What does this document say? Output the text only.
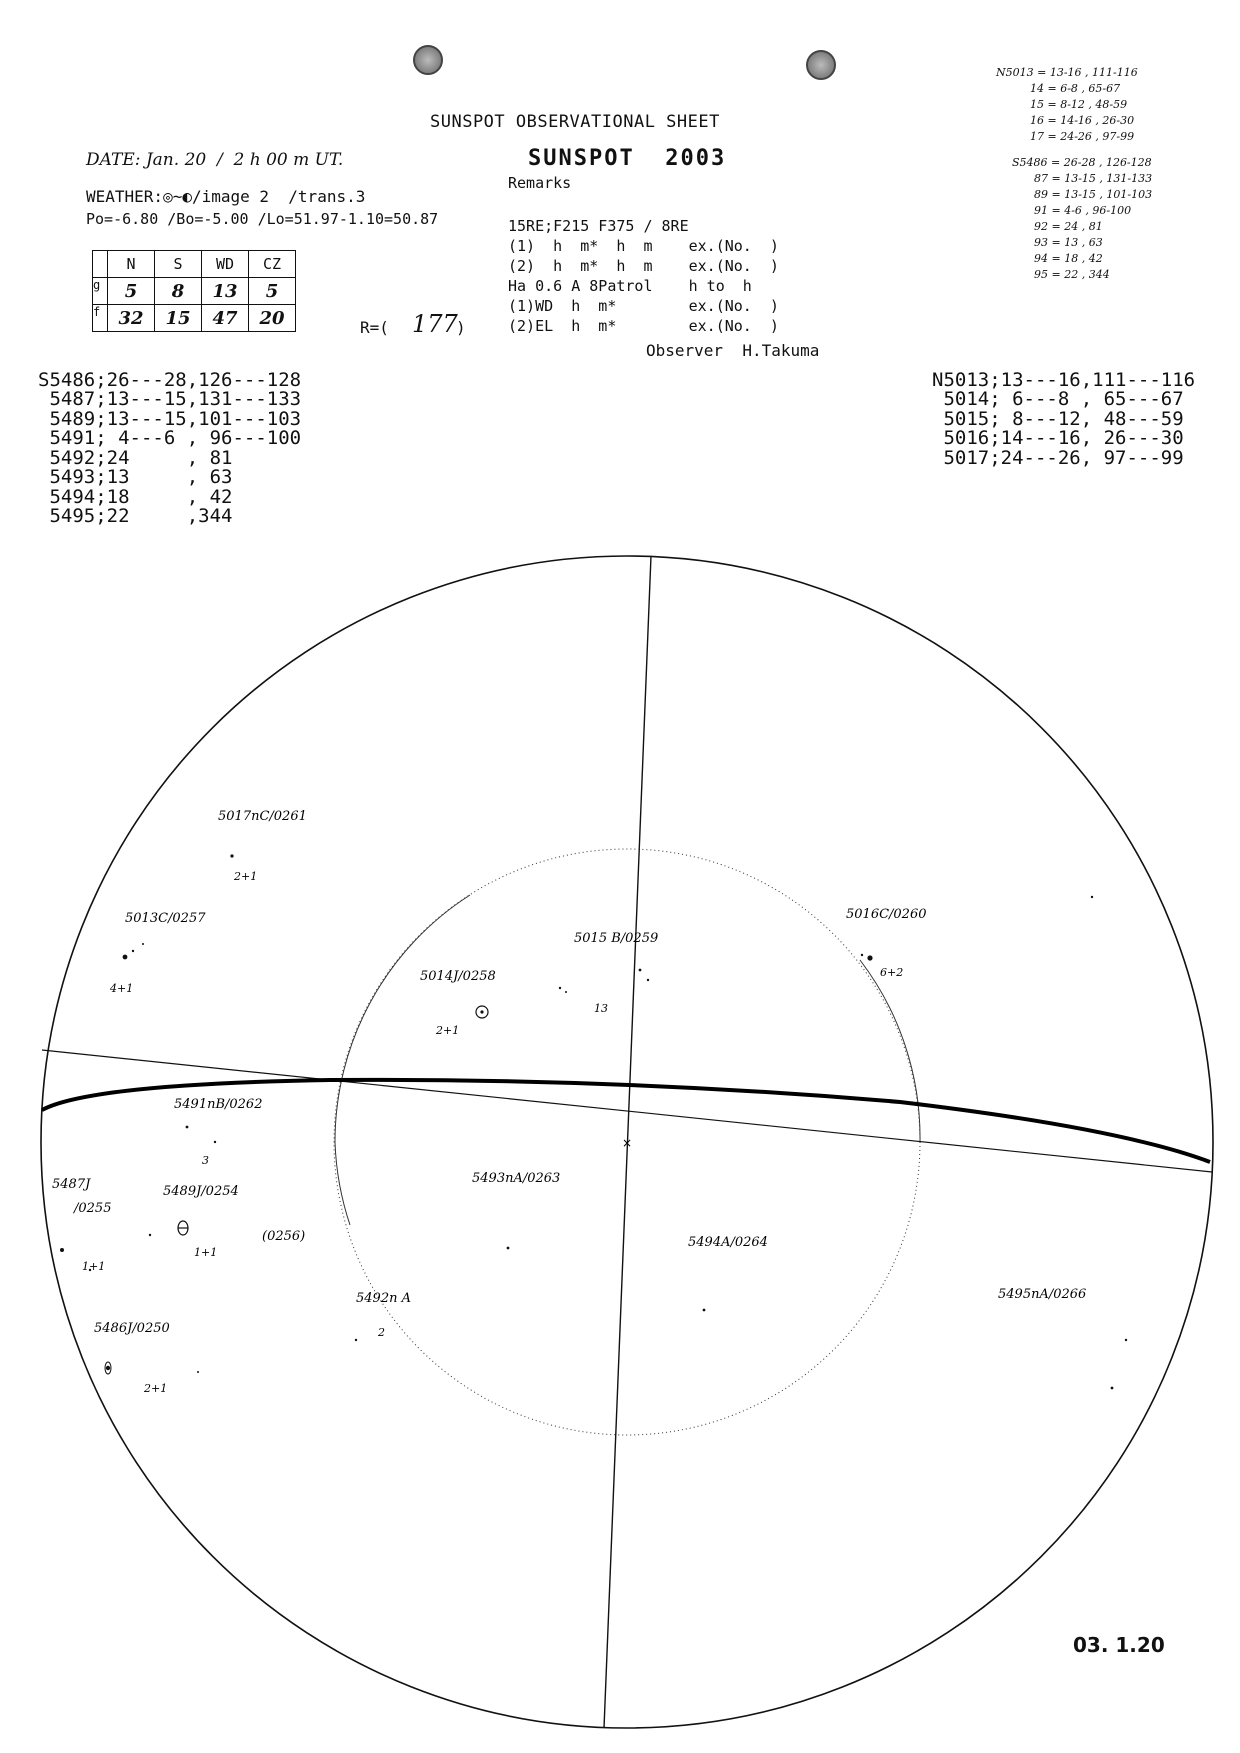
SUNSPOT OBSERVATIONAL SHEET
DATE: Jan. 20  /  2 h 00 m UT.	SUNSPOT  2003
Remarks
WEATHER:◎~◐/image 2  /trans.3
Po=-6.80 /Bo=-5.00 /Lo=51.97-1.10=50.87
	N	S	WD	CZ
g	5	8	13	5
f	32	15	47	20	R=( 177
)
15RE;F215 F375 / 8RE
(1)  h  m*  h  m    ex.(No.  )
(2)  h  m*  h  m    ex.(No.  )
Ha 0.6 A 8Patrol    h to  h
(1)WD  h  m*        ex.(No.  )
(2)EL  h  m*        ex.(No.  )
Observer  H.Takuma
N5013 = 13-16 , 111-116
14 = 6-8 , 65-67
15 = 8-12 , 48-59
16 = 14-16 , 26-30
17 = 24-26 , 97-99
S5486 = 26-28 , 126-128
87 = 13-15 , 131-133
89 = 13-15 , 101-103
91 = 4-6 , 96-100
92 = 24 , 81
93 = 13 , 63
94 = 18 , 42
95 = 22 , 344
S5486;26---28,126---128
5487;13---15,131---133
5489;13---15,101---103
5491; 4---6 , 96---100
5492;24     , 81
5493;13     , 63
5494;18     , 42
5495;22     ,344
N5013;13---16,111---116
5014; 6---8 , 65---67
5015; 8---12, 48---59
5016;14---16, 26---30
5017;24---26, 97---99
×
5017nC/0261
5013C/0257
5014J/0258
5015 B/0259
5016C/0260
5491nB/0262
5487J
/0255
5489J/0254
(0256)
5493nA/0263
5494A/0264
5492n A	5495nA/0266
5486J/0250
2+1
4+1
2+1
13
6+2
3
1+1
1+1
2
2+1
03. 1.20
